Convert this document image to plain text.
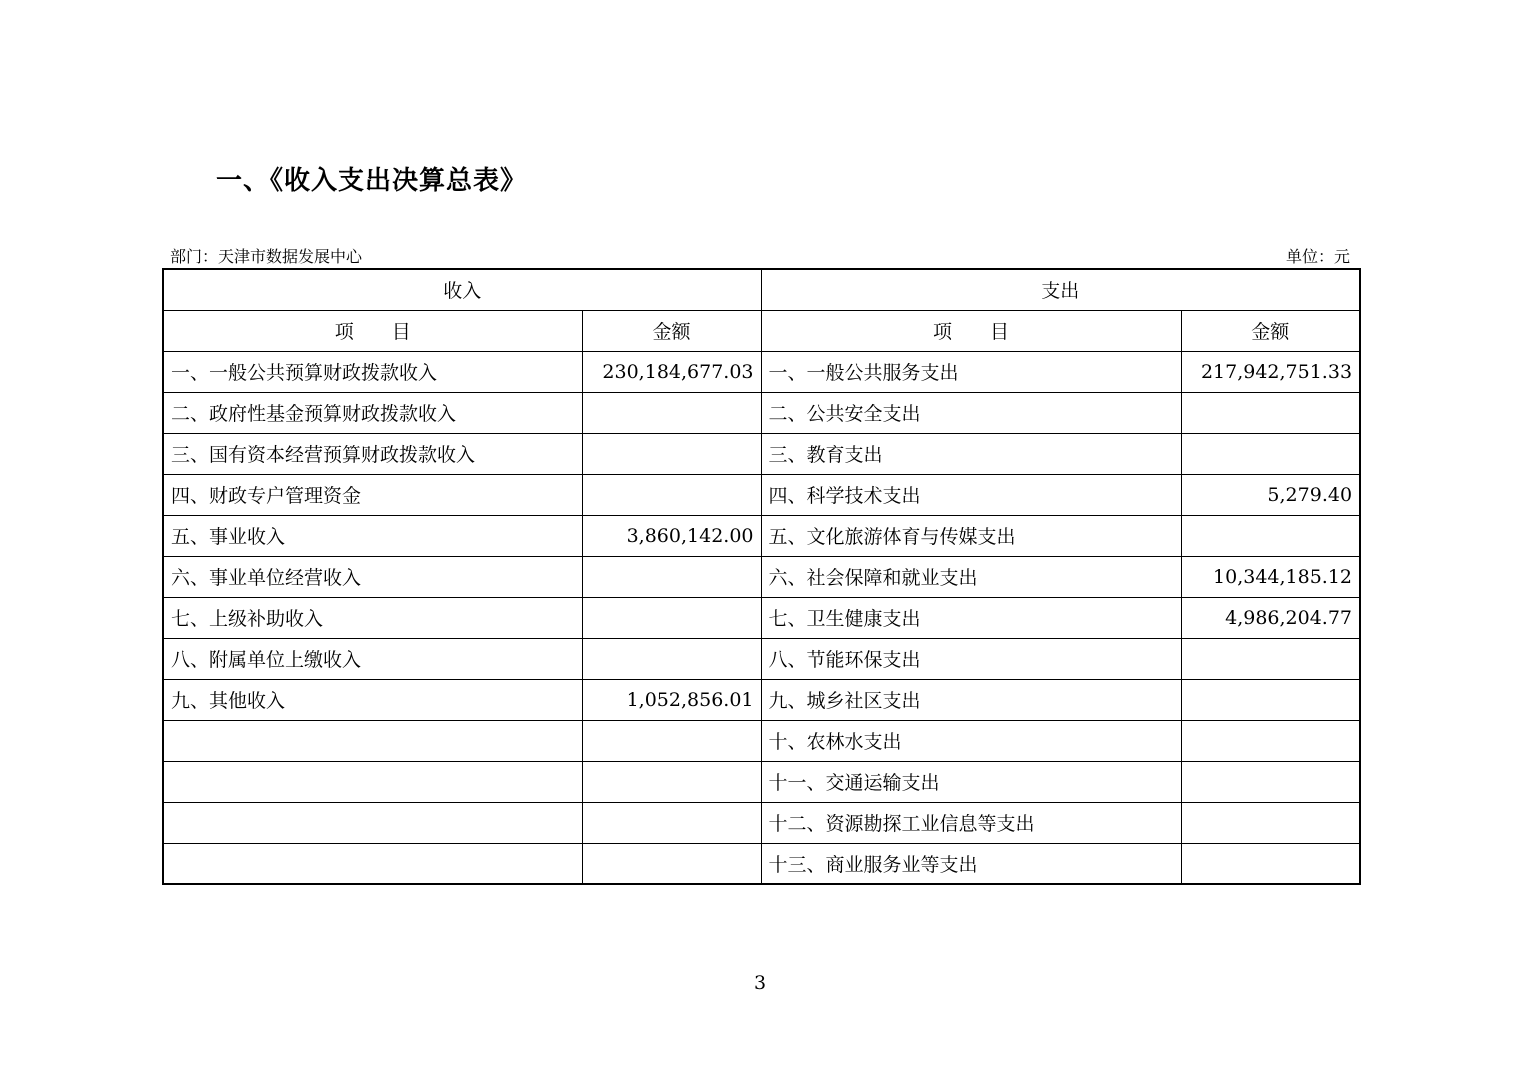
一、《收入支出决算总表》
部门：天津市数据发展中心	单位：元
收入		支出	
项　　目	金额	项　　目	金额
一、一般公共预算财政拨款收入	230,184,677.03	一、一般公共服务支出	217,942,751.33
二、政府性基金预算财政拨款收入		二、公共安全支出	
三、国有资本经营预算财政拨款收入		三、教育支出	
四、财政专户管理资金		四、科学技术支出	5,279.40
五、事业收入	3,860,142.00	五、文化旅游体育与传媒支出	
六、事业单位经营收入		六、社会保障和就业支出	10,344,185.12
七、上级补助收入		七、卫生健康支出	4,986,204.77
八、附属单位上缴收入		八、节能环保支出	
九、其他收入	1,052,856.01	九、城乡社区支出	
		十、农林水支出	
		十一、交通运输支出	
		十二、资源勘探工业信息等支出	
		十三、商业服务业等支出	
3
